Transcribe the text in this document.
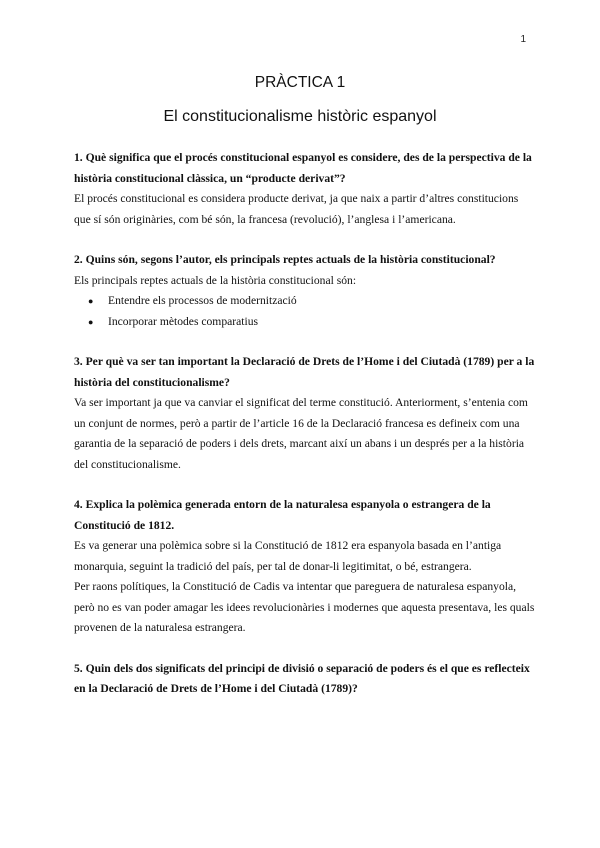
1
PRÀCTICA 1
El constitucionalisme històric espanyol

1. Què significa que el procés constitucional espanyol es considere, des de la perspectiva de la història constitucional clàssica, un “producte derivat”?

El procés constitucional es considera producte derivat, ja que naix a partir d’altres constitucions que sí són originàries, com bé són, la francesa (revolució), l’anglesa i l’americana.

2. Quins són, segons l’autor, els principals reptes actuals de la història constitucional?

Els principals reptes actuals de la història constitucional són:

● Entendre els processos de modernització
● Incorporar mètodes comparatius

3. Per què va ser tan important la Declaració de Drets de l’Home i del Ciutadà (1789) per a la història del constitucionalisme?

Va ser important ja que va canviar el significat del terme constitució. Anteriorment, s’entenia com un conjunt de normes, però a partir de l’article 16 de la Declaració francesa es defineix com una garantia de la separació de poders i dels drets, marcant així un abans i un després per a la història del constitucionalisme.

4. Explica la polèmica generada entorn de la naturalesa espanyola o estrangera de la Constitució de 1812.

Es va generar una polèmica sobre si la Constitució de 1812 era espanyola basada en l’antiga monarquia, seguint la tradició del país, per tal de donar-li legitimitat, o bé, estrangera.

Per raons polítiques, la Constitució de Cadis va intentar que pareguera de naturalesa espanyola, però no es van poder amagar les idees revolucionàries i modernes que aquesta presentava, les quals provenen de la naturalesa estrangera.

5. Quin dels dos significats del principi de divisió o separació de poders és el que es reflecteix en la Declaració de Drets de l’Home i del Ciutadà (1789)?
